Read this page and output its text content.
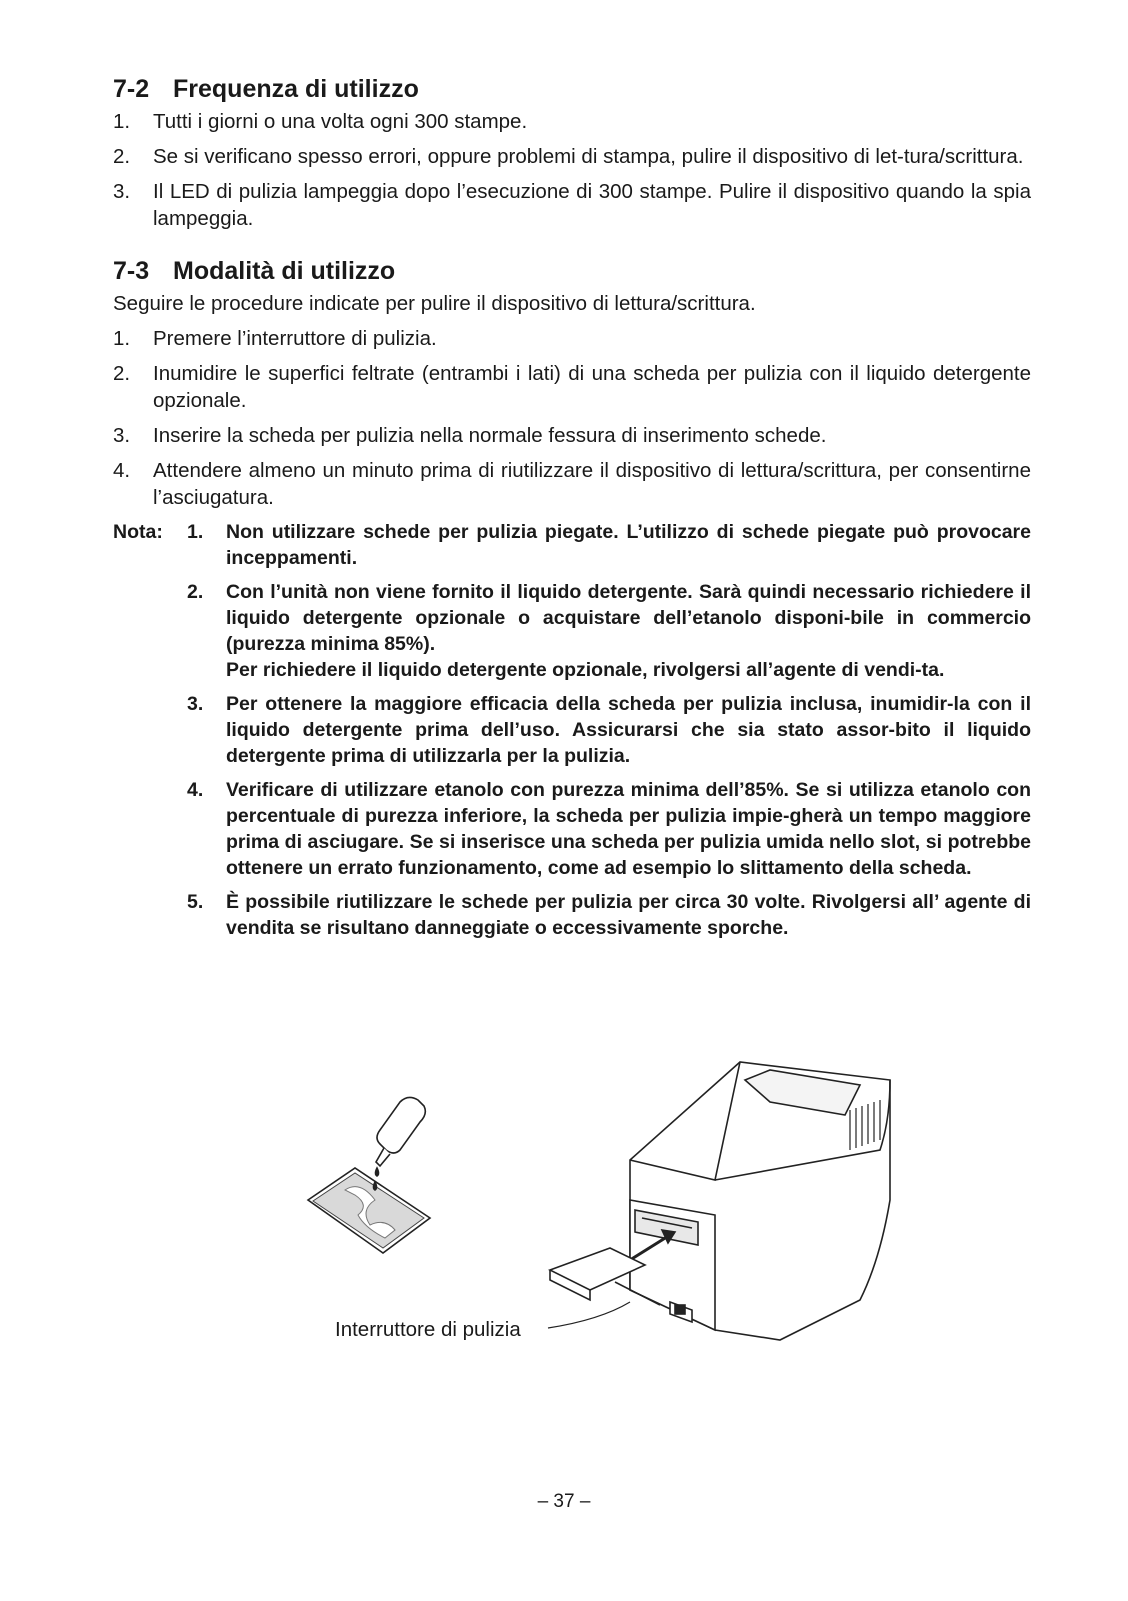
7-2 Frequenza di utilizzo
1. Tutti i giorni o una volta ogni 300 stampe.
2. Se si verificano spesso errori, oppure problemi di stampa, pulire il dispositivo di let-tura/scrittura.
3. Il LED di pulizia lampeggia dopo l’esecuzione di 300 stampe. Pulire il dispositivo quando la spia lampeggia.
7-3 Modalità di utilizzo

Seguire le procedure indicate per pulire il dispositivo di lettura/scrittura.

1. Premere l’interruttore di pulizia.
2. Inumidire le superfici feltrate (entrambi i lati) di una scheda per pulizia con il liquido detergente opzionale.
3. Inserire la scheda per pulizia nella normale fessura di inserimento schede.
4. Attendere almeno un minuto prima di riutilizzare il dispositivo di lettura/scrittura, per consentirne l’asciugatura.
Nota: 1. Non utilizzare schede per pulizia piegate. L’utilizzo di schede piegate può provocare inceppamenti.

2. Con l’unità non viene fornito il liquido detergente. Sarà quindi necessario richiedere il liquido detergente opzionale o acquistare dell’etanolo disponi-bile in commercio (purezza minima 85%).

Per richiedere il liquido detergente opzionale, rivolgersi all’agente di vendi-ta.

3. Per ottenere la maggiore efficacia della scheda per pulizia inclusa, inumidir-la con il liquido detergente prima dell’uso. Assicurarsi che sia stato assor-bito il liquido detergente prima di utilizzarla per la pulizia.

4. Verificare di utilizzare etanolo con purezza minima dell’85%. Se si utilizza etanolo con percentuale di purezza inferiore, la scheda per pulizia impie-gherà un tempo maggiore prima di asciugare. Se si inserisce una scheda per pulizia umida nello slot, si potrebbe ottenere un errato funzionamento, come ad esempio lo slittamento della scheda.

5. È possibile riutilizzare le schede per pulizia per circa 30 volte. Rivolgersi all’ agente di vendita se risultano danneggiate o eccessivamente sporche.

Interruttore di pulizia
– 37 –
